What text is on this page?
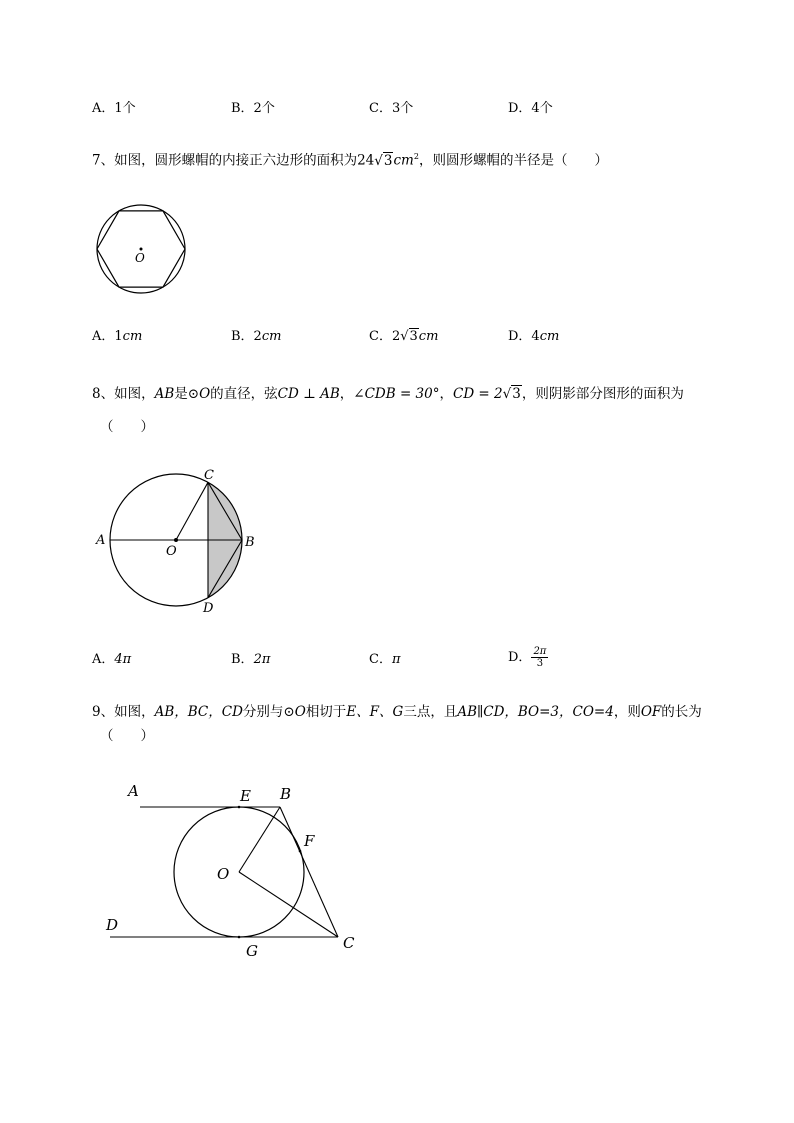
A．1个	B．2个	C．3个	D．4个
7、如图，圆形螺帽的内接正六边形的面积为$24√3cm^2$，则圆形螺帽的半径是（　　）
O
A．1cm	B．2cm	C．2√3cm	D．4cm
8、如图，AB是⊙O的直径，弦CD ⊥ AB，∠CDB = 30°，CD = 2√3，则阴影部分图形的面积为
（　　）
C
A
O
B
D
A．4π	B．2π	C．π	D． $\frac{2\pi}{3}$
9、如图，AB，BC，CD分别与⊙O相切于E、F、G三点，且AB∥CD，BO=3，CO=4，则OF的长为
（　　）
A	E B
F
O
D
G	C
